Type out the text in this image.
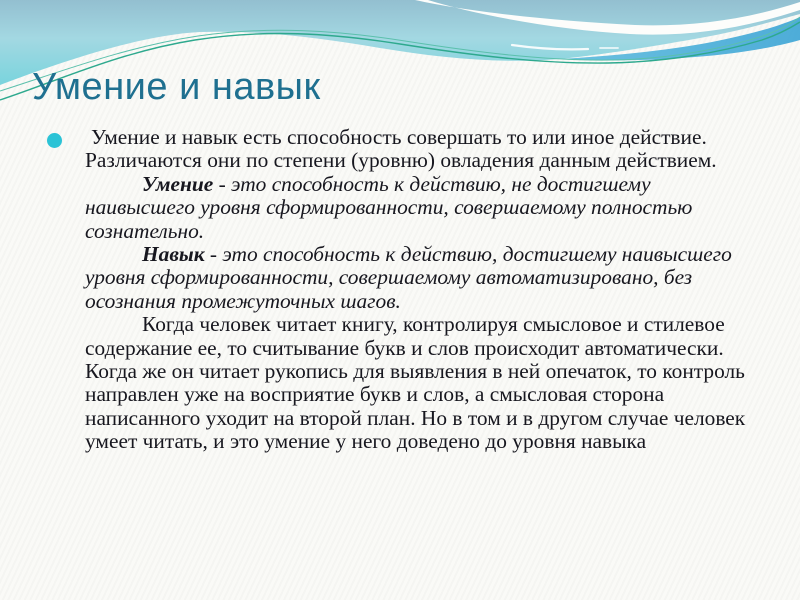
Умение и навык

Умение и навык есть способность совершать то или иное действие. Различаются они по степени (уровню) овладения данным действием.

Умение - это способность к действию, не достигшему наивысшего уровня сформированности, совершаемому полностью сознательно.

Навык - это способность к действию, достигшему наивысшего уровня сформированности, совершаемому автоматизировано, без осознания промежуточных шагов.

Когда человек читает книгу, контролируя смысловое и стилевое содержание ее, то считывание букв и слов происходит автоматически. Когда же он читает рукопись для выявления в ней опечаток, то контроль направлен уже на восприятие букв и слов, а смысловая сторона написанного уходит на второй план. Но в том и в другом случае человек умеет читать, и это умение у него доведено до уровня навыка
